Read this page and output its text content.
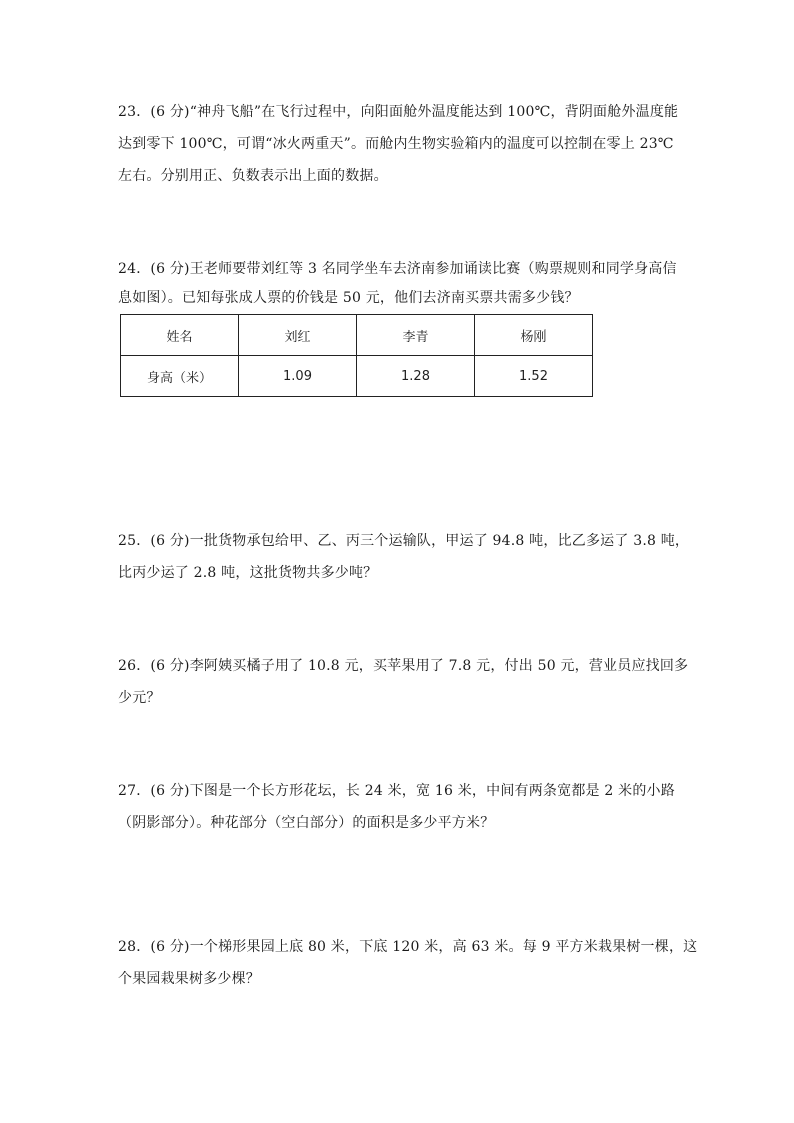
23．(6 分)“神舟飞船”在飞行过程中，向阳面舱外温度能达到 100℃，背阴面舱外温度能
达到零下 100℃，可谓“冰火两重天”。而舱内生物实验箱内的温度可以控制在零上 23℃
左右。分别用正、负数表示出上面的数据。
24．(6 分)王老师要带刘红等 3 名同学坐车去济南参加诵读比赛（购票规则和同学身高信
息如图）。已知每张成人票的价钱是 50 元，他们去济南买票共需多少钱？
姓名	刘红	李青	杨刚
身高（米）	1.09	1.28	1.52
25．(6 分)一批货物承包给甲、乙、丙三个运输队，甲运了 94.8 吨，比乙多运了 3.8 吨，
比丙少运了 2.8 吨，这批货物共多少吨？
26．(6 分)李阿姨买橘子用了 10.8 元，买苹果用了 7.8 元，付出 50 元，营业员应找回多
少元？
27．(6 分)下图是一个长方形花坛，长 24 米，宽 16 米，中间有两条宽都是 2 米的小路
（阴影部分）。种花部分（空白部分）的面积是多少平方米？
28．(6 分)一个梯形果园上底 80 米，下底 120 米，高 63 米。每 9 平方米栽果树一棵，这
个果园栽果树多少棵？
